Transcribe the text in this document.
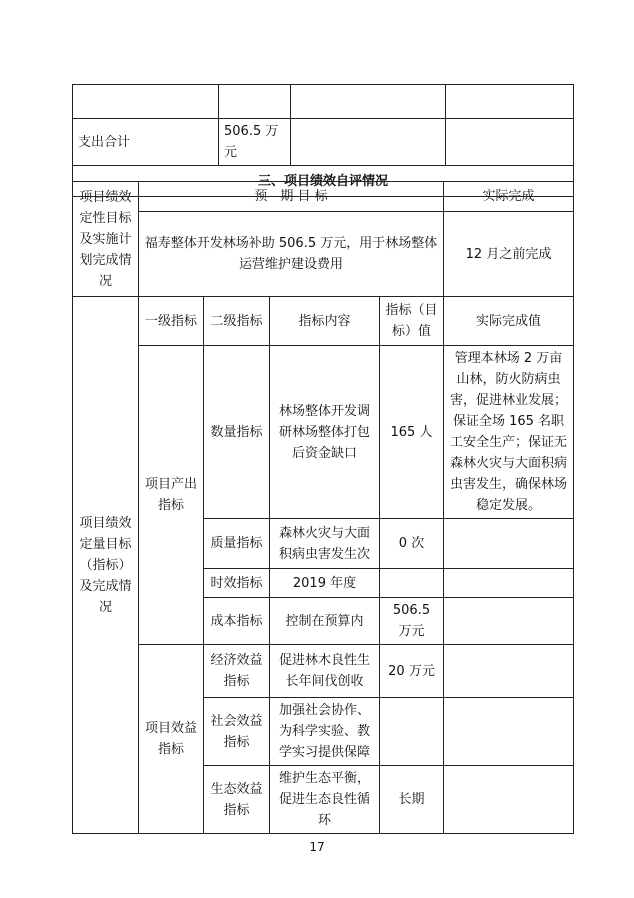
支出合计	506.5 万元		
三、项目绩效自评情况			
项目绩效定性目标及实施计划完成情况	预　期 目 标	实际完成
	福寿整体开发林场补助 506.5 万元，用于林场整体运营维护建设费用	12 月之前完成
项目绩效定量目标（指标）及完成情况	一级指标	二级指标	指标内容	指标（目标）值	实际完成值
	项目产出指标	数量指标	林场整体开发调研林场整体打包后资金缺口	165 人	管理本林场 2 万亩山林，防火防病虫害，促进林业发展；保证全场 165 名职工安全生产；保证无森林火灾与大面积病虫害发生，确保林场稳定发展。
		质量指标	森林火灾与大面积病虫害发生次	0 次	
		时效指标	2019 年度		
		成本指标	控制在预算内	506.5 万元	
	项目效益指标	经济效益指标	促进林木良性生长年间伐创收	20 万元	
		社会效益指标	加强社会协作、为科学实验、教学实习提供保障		
		生态效益指标	维护生态平衡，促进生态良性循环	长期	
17
